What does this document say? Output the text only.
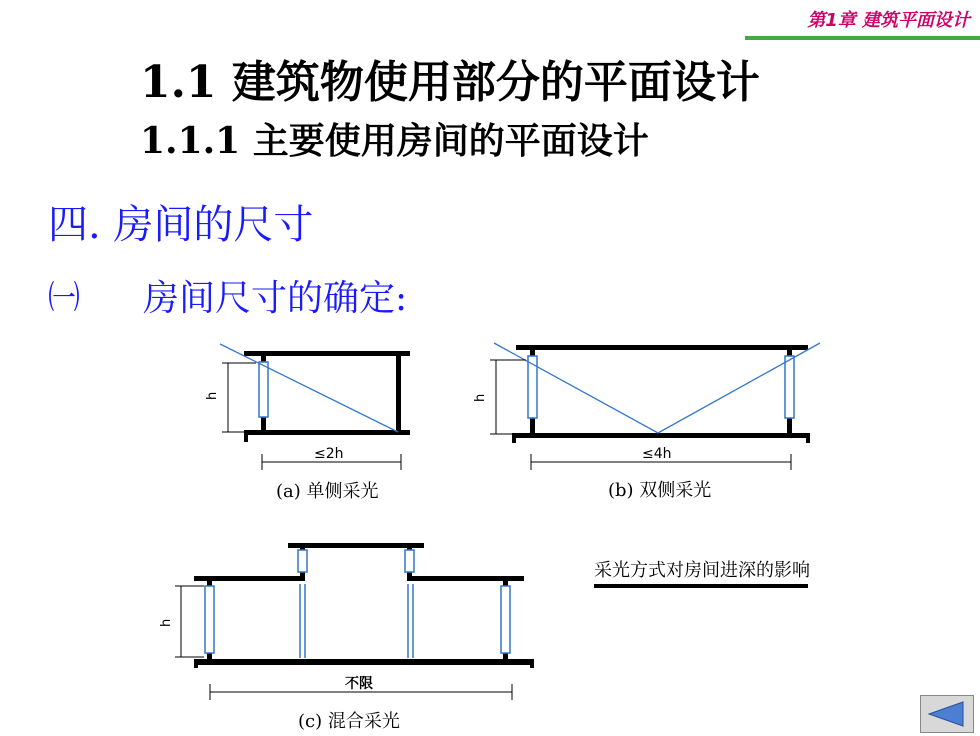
第1章 建筑平面设计
1.1 建筑物使用部分的平面设计
1.1.1 主要使用房间的平面设计
四. 房间的尺寸
㈠ 房间尺寸的确定:
h
≤2h
(a) 单侧采光
h
≤4h
(b) 双侧采光
h
不限
(c) 混合采光
采光方式对房间进深的影响
